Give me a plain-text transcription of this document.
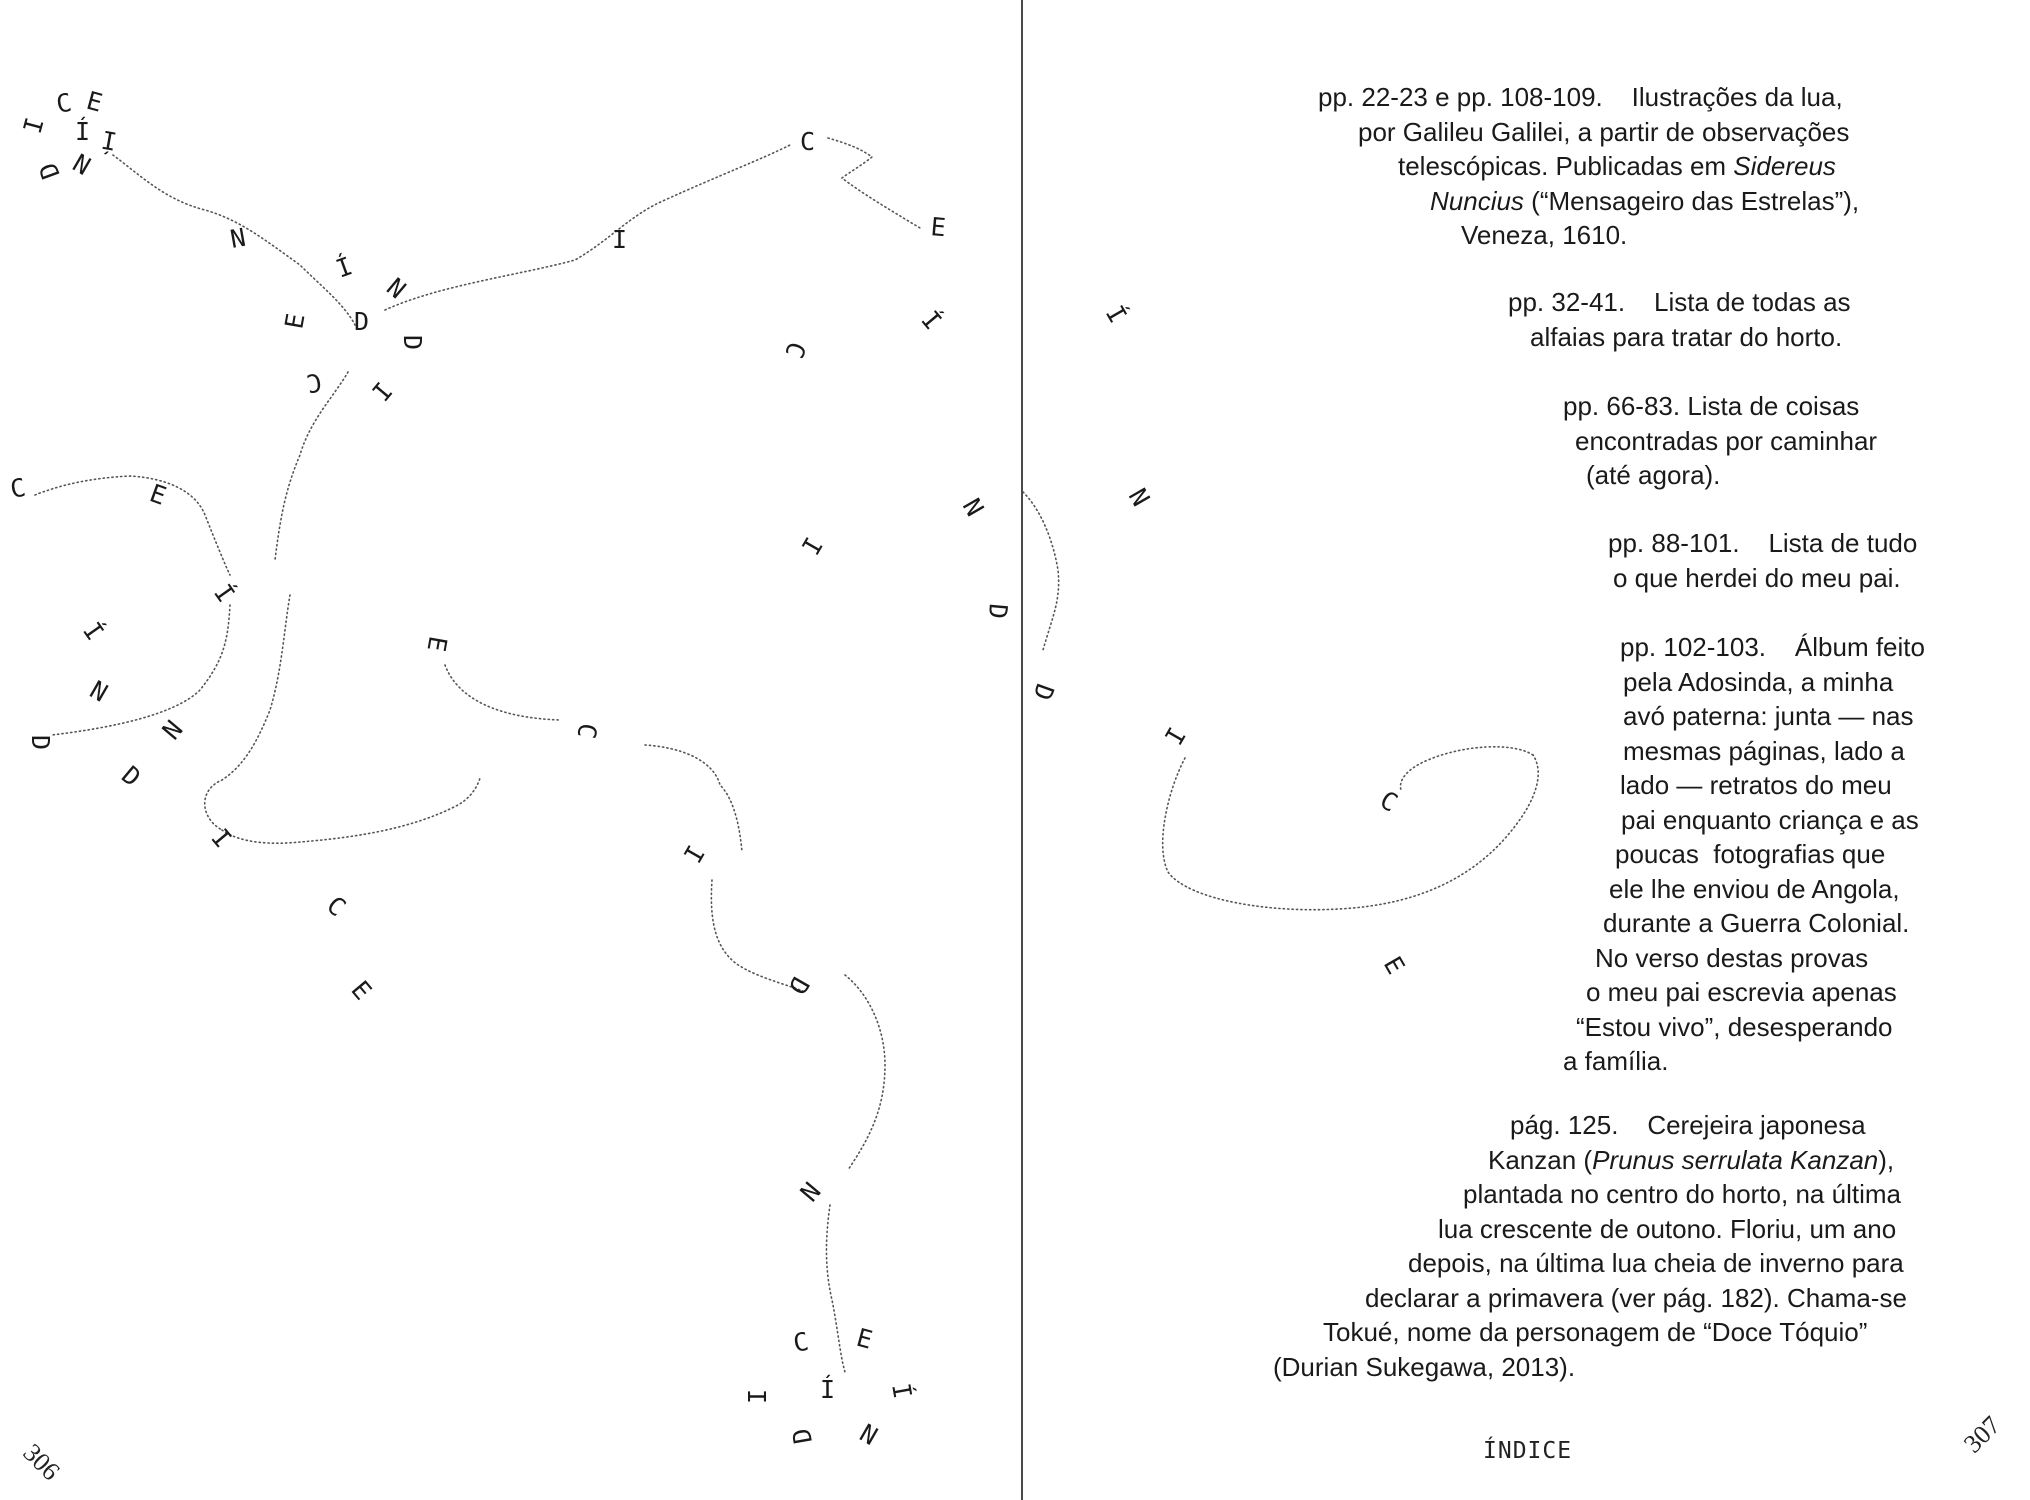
E
C
Í
I
D N
Í
N
Í
N
D
D
I
C
E
I
C
E
Í
C
N
I
D
C	E
Í
Í
N
N
D
D
I
C
E
E
C
I
D
N
E
C
Í
Í
I
D N
306
Í
N
D
I
C
E
pp. 22-23 e pp. 108-109.    Ilustrações da lua,
por Galileu Galilei, a partir de observações
telescópicas. Publicadas em Sidereus
Nuncius (“Mensageiro das Estrelas”),
Veneza, 1610.
pp. 32-41.    Lista de todas as
alfaias para tratar do horto.
pp. 66-83. Lista de coisas
encontradas por caminhar
(até agora).
pp. 88-101.    Lista de tudo
o que herdei do meu pai.
pp. 102-103.    Álbum feito
pela Adosinda, a minha
avó paterna: junta — nas
mesmas páginas, lado a
lado — retratos do meu
pai enquanto criança e as
poucas  fotografias que
ele lhe enviou de Angola,
durante a Guerra Colonial.
No verso destas provas
o meu pai escrevia apenas
“Estou vivo”, desesperando
a família.
pág. 125.    Cerejeira japonesa
Kanzan (Prunus serrulata Kanzan),
plantada no centro do horto, na última
lua crescente de outono. Floriu, um ano
depois, na última lua cheia de inverno para
declarar a primavera (ver pág. 182). Chama-se
Tokué, nome da personagem de “Doce Tóquio”
(Durian Sukegawa, 2013).
ÍNDICE	307
